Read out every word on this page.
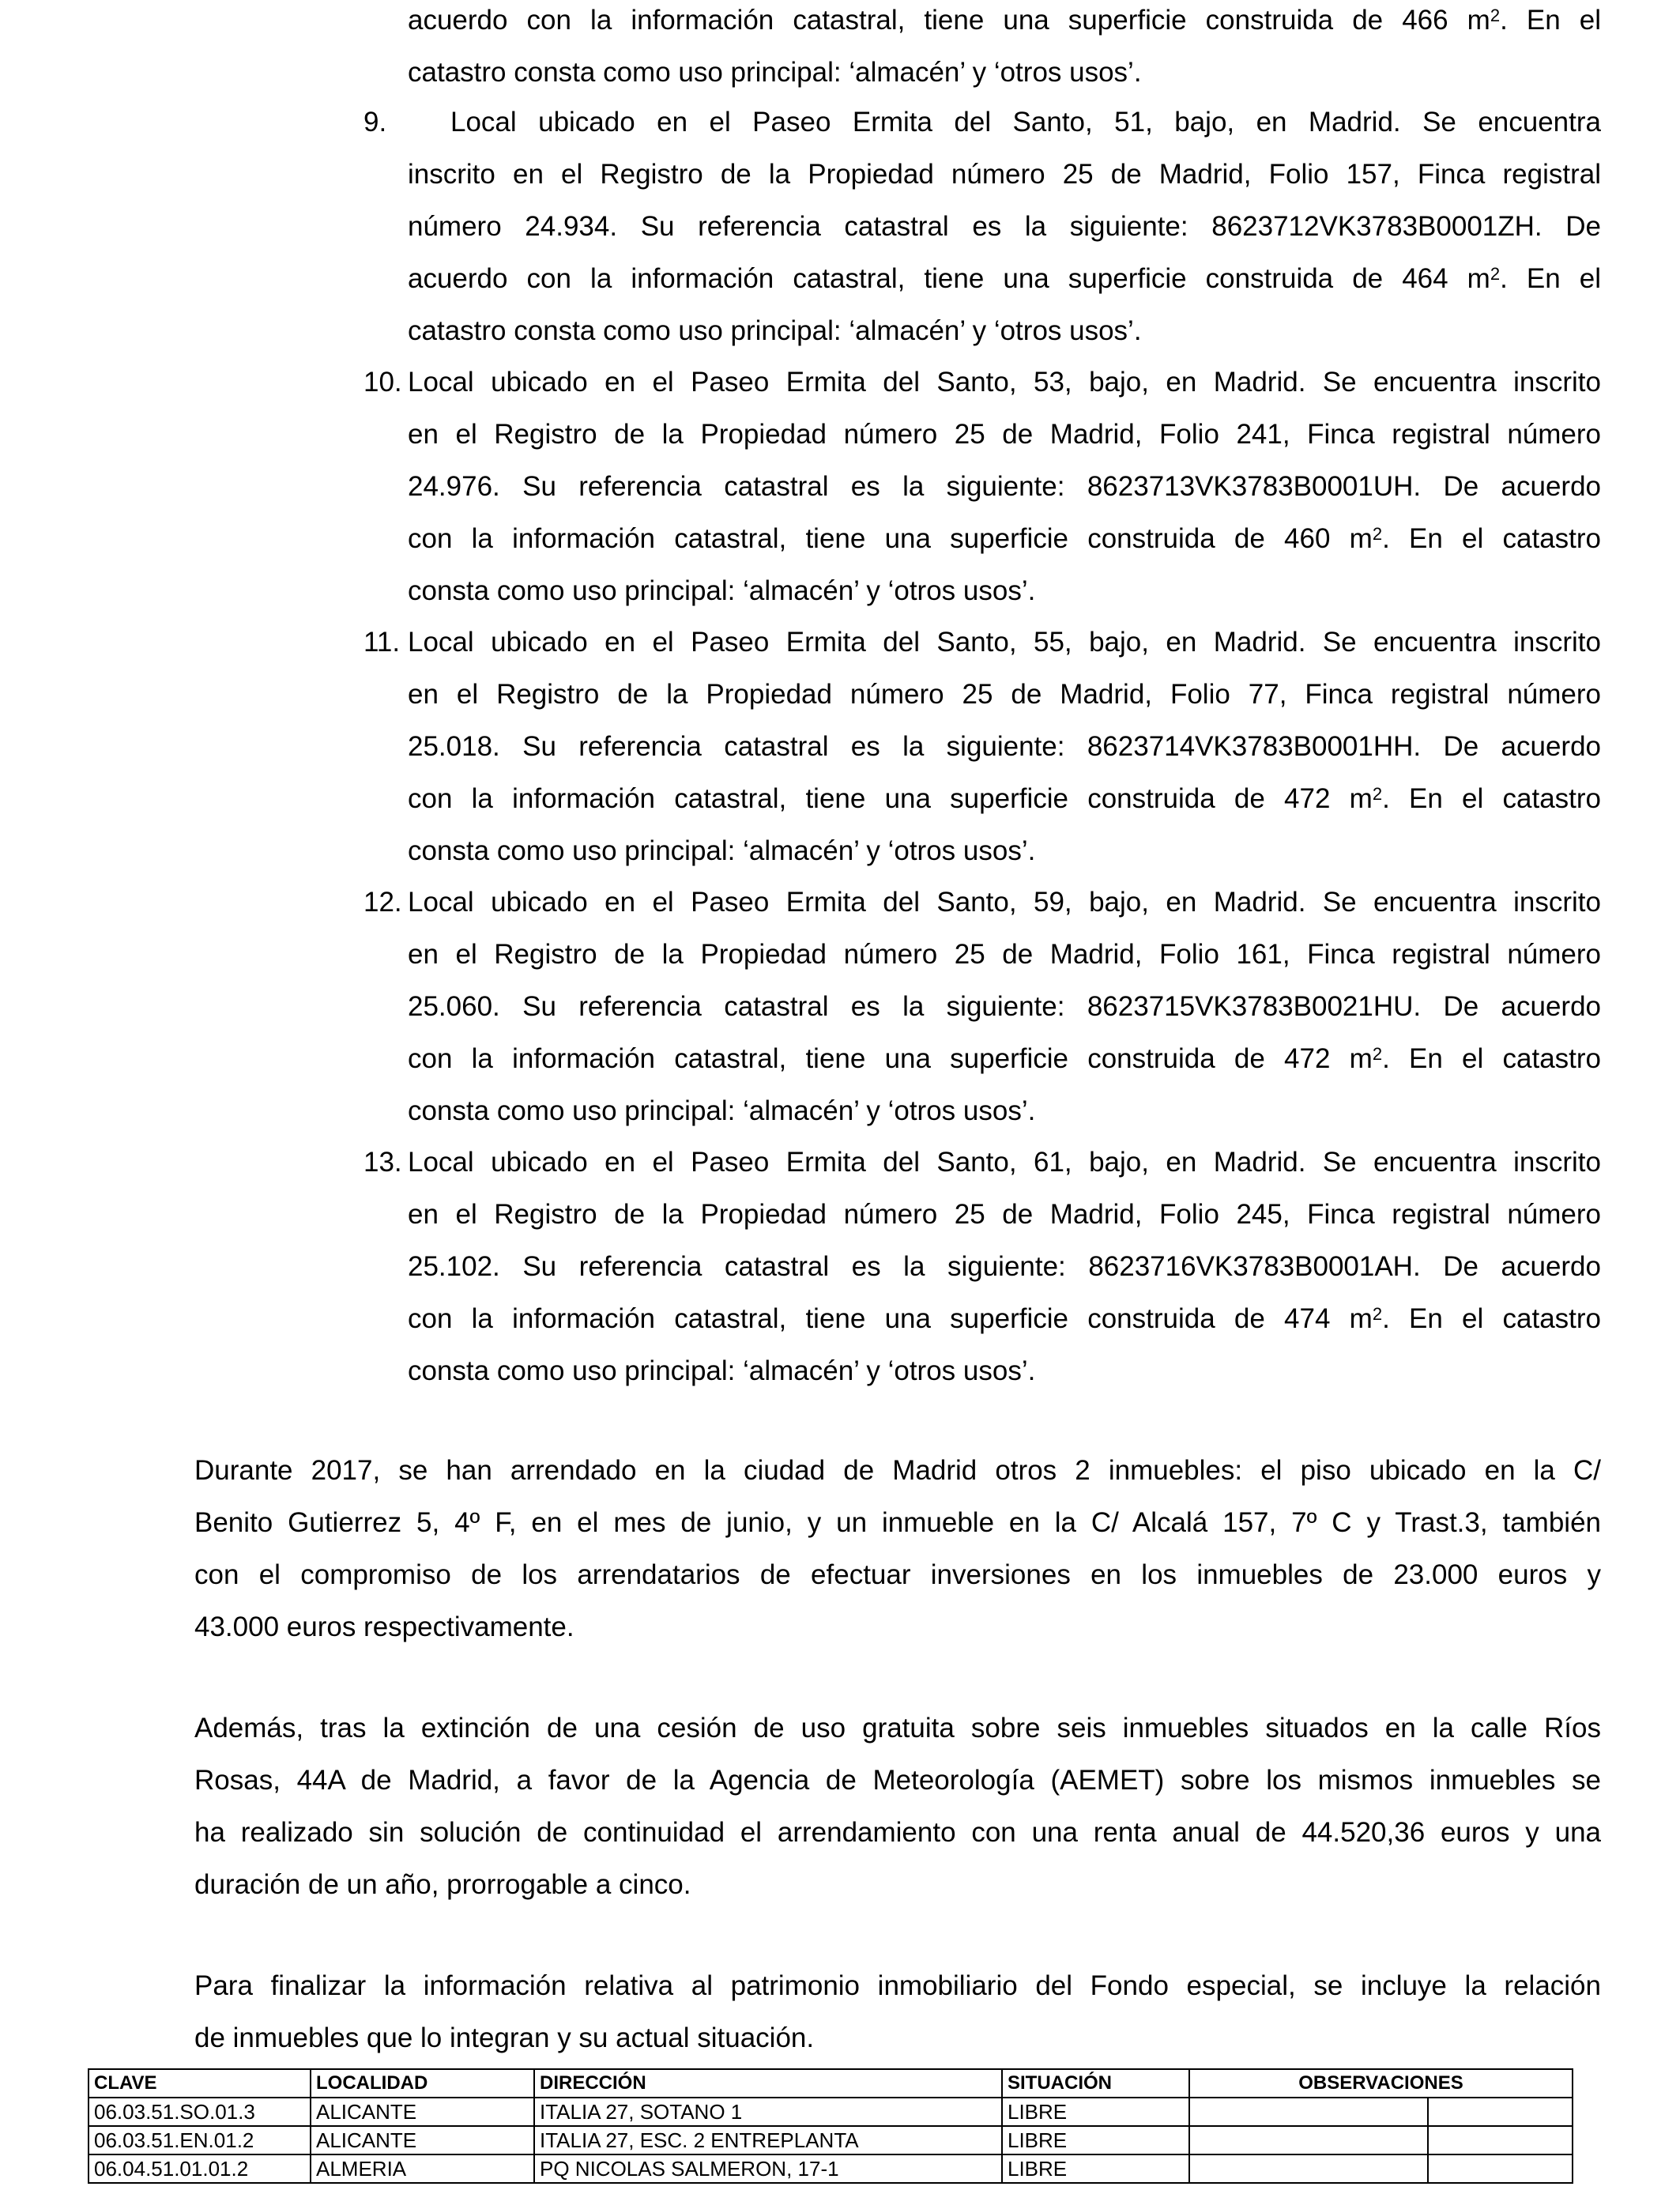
acuerdo con la información catastral, tiene una superficie construida de 466 $m^2$. En el
catastro consta como uso principal: ‘almacén’ y ‘otros usos’.
9. Local ubicado en el Paseo Ermita del Santo, 51, bajo, en Madrid. Se encuentra
inscrito en el Registro de la Propiedad número 25 de Madrid, Folio 157, Finca registral
número 24.934. Su referencia catastral es la siguiente: 8623712VK3783B0001ZH. De
acuerdo con la información catastral, tiene una superficie construida de 464 $m^2$. En el
catastro consta como uso principal: ‘almacén’ y ‘otros usos’.
10. Local ubicado en el Paseo Ermita del Santo, 53, bajo, en Madrid. Se encuentra inscrito
en el Registro de la Propiedad número 25 de Madrid, Folio 241, Finca registral número
24.976. Su referencia catastral es la siguiente: 8623713VK3783B0001UH. De acuerdo
con la información catastral, tiene una superficie construida de 460 $m^2$. En el catastro
consta como uso principal: ‘almacén’ y ‘otros usos’.
11. Local ubicado en el Paseo Ermita del Santo, 55, bajo, en Madrid. Se encuentra inscrito
en el Registro de la Propiedad número 25 de Madrid, Folio 77, Finca registral número
25.018. Su referencia catastral es la siguiente: 8623714VK3783B0001HH. De acuerdo
con la información catastral, tiene una superficie construida de 472 $m^2$. En el catastro
consta como uso principal: ‘almacén’ y ‘otros usos’.
12. Local ubicado en el Paseo Ermita del Santo, 59, bajo, en Madrid. Se encuentra inscrito
en el Registro de la Propiedad número 25 de Madrid, Folio 161, Finca registral número
25.060. Su referencia catastral es la siguiente: 8623715VK3783B0021HU. De acuerdo
con la información catastral, tiene una superficie construida de 472 $m^2$. En el catastro
consta como uso principal: ‘almacén’ y ‘otros usos’.
13. Local ubicado en el Paseo Ermita del Santo, 61, bajo, en Madrid. Se encuentra inscrito
en el Registro de la Propiedad número 25 de Madrid, Folio 245, Finca registral número
25.102. Su referencia catastral es la siguiente: 8623716VK3783B0001AH. De acuerdo
con la información catastral, tiene una superficie construida de 474 $m^2$. En el catastro
consta como uso principal: ‘almacén’ y ‘otros usos’.
Durante 2017, se han arrendado en la ciudad de Madrid otros 2 inmuebles: el piso ubicado en la C/
Benito Gutierrez 5, 4º F, en el mes de junio, y un inmueble en la C/ Alcalá 157, 7º C y Trast.3, también
con el compromiso de los arrendatarios de efectuar inversiones en los inmuebles de 23.000 euros y
43.000 euros respectivamente.
Además, tras la extinción de una cesión de uso gratuita sobre seis inmuebles situados en la calle Ríos
Rosas, 44A de Madrid, a favor de la Agencia de Meteorología (AEMET) sobre los mismos inmuebles se
ha realizado sin solución de continuidad el arrendamiento con una renta anual de 44.520,36 euros y una
duración de un año, prorrogable a cinco.
Para finalizar la información relativa al patrimonio inmobiliario del Fondo especial, se incluye la relación
de inmuebles que lo integran y su actual situación.
CLAVE	LOCALIDAD	DIRECCIÓN	SITUACIÓN	OBSERVACIONES	
06.03.51.SO.01.3	ALICANTE	ITALIA 27, SOTANO 1	LIBRE		
06.03.51.EN.01.2	ALICANTE	ITALIA 27, ESC. 2 ENTREPLANTA	LIBRE		
06.04.51.01.01.2	ALMERIA	PQ NICOLAS SALMERON, 17-1	LIBRE		
